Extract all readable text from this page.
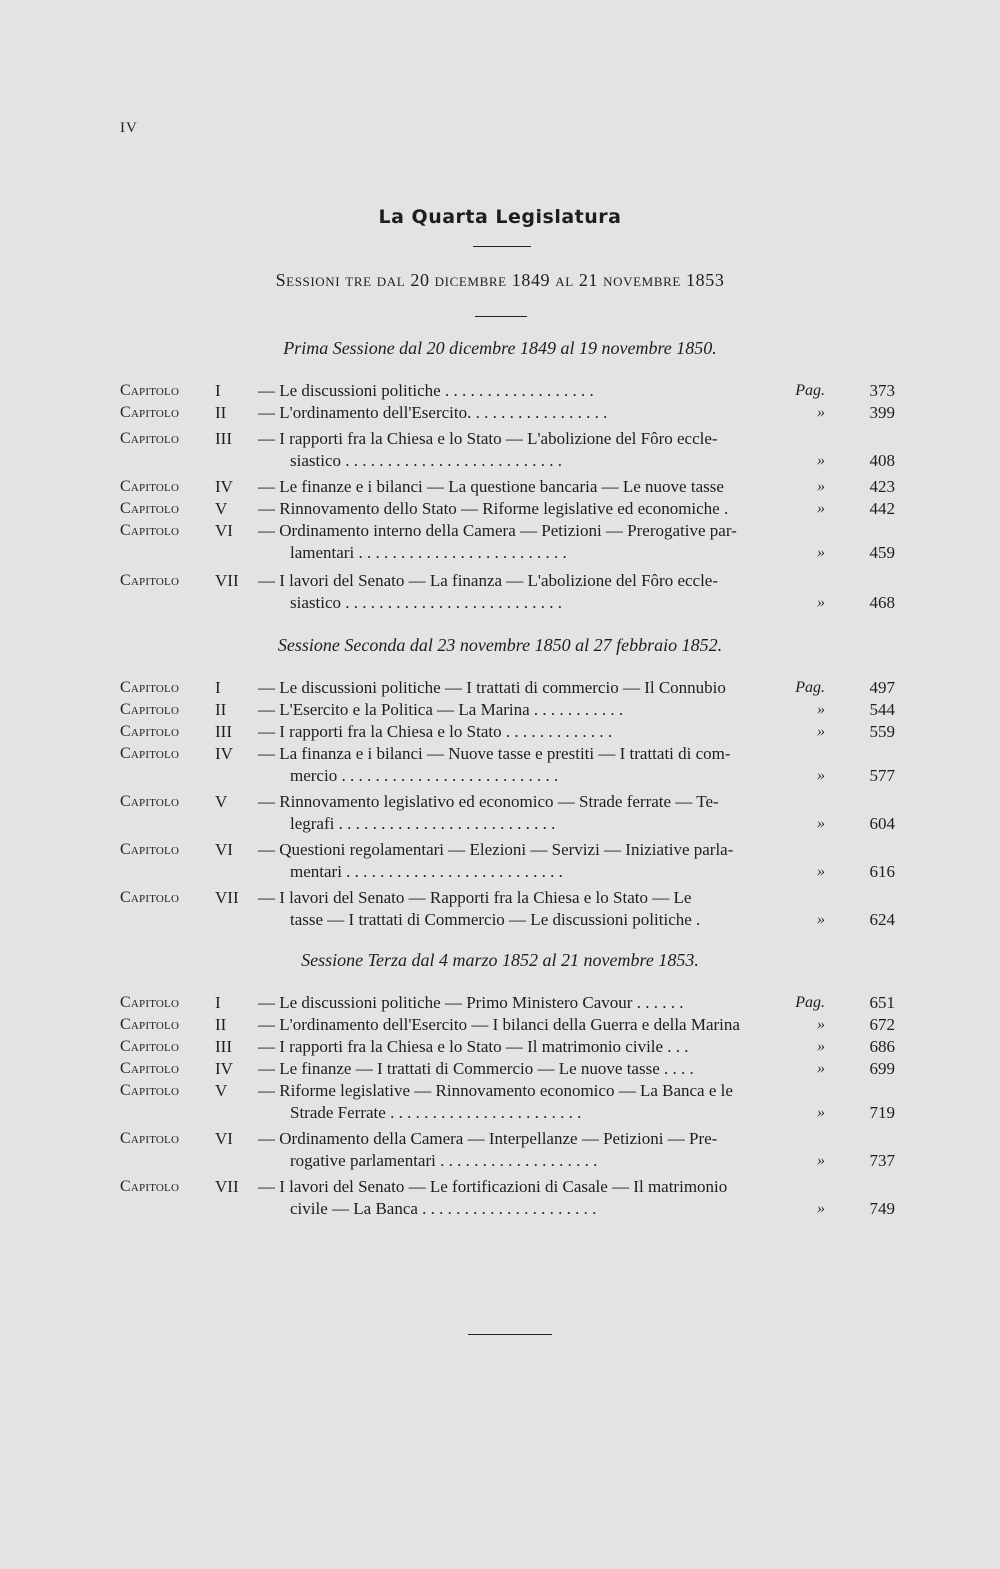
IV
La Quarta Legislatura
Sessioni tre dal 20 dicembre 1849 al 21 novembre 1853
Prima Sessione dal 20 dicembre 1849 al 19 novembre 1850.
Capitolo	I	— Le discussioni politiche . . . . . . . . . . . . . . . . . .	Pag.	373
Capitolo	II	— L'ordinamento dell'Esercito. . . . . . . . . . . . . . . . .	»	399
Capitolo	III	— I rapporti fra la Chiesa e lo Stato — L'abolizione del Fôro eccle-
siastico . . . . . . . . . . . . . . . . . . . . . . . . . .	»	408
Capitolo	IV	— Le finanze e i bilanci — La questione bancaria — Le nuove tasse	»	423
Capitolo	V	— Rinnovamento dello Stato — Riforme legislative ed economiche .	»	442
Capitolo	VI	— Ordinamento interno della Camera — Petizioni — Prerogative par-
lamentari . . . . . . . . . . . . . . . . . . . . . . . . .	»	459
Capitolo	VII	— I lavori del Senato — La finanza — L'abolizione del Fôro eccle-
siastico . . . . . . . . . . . . . . . . . . . . . . . . . .	»	468
Sessione Seconda dal 23 novembre 1850 al 27 febbraio 1852.
Capitolo	I	— Le discussioni politiche — I trattati di commercio — Il Connubio	Pag.	497
Capitolo	II	— L'Esercito e la Politica — La Marina . . . . . . . . . . .	»	544
Capitolo	III	— I rapporti fra la Chiesa e lo Stato . . . . . . . . . . . . .	»	559
Capitolo	IV	— La finanza e i bilanci — Nuove tasse e prestiti — I trattati di com-
mercio . . . . . . . . . . . . . . . . . . . . . . . . . .	»	577
Capitolo	V	— Rinnovamento legislativo ed economico — Strade ferrate — Te-
legrafi . . . . . . . . . . . . . . . . . . . . . . . . . .	»	604
Capitolo	VI	— Questioni regolamentari — Elezioni — Servizi — Iniziative parla-
mentari . . . . . . . . . . . . . . . . . . . . . . . . . .	»	616
Capitolo	VII	— I lavori del Senato — Rapporti fra la Chiesa e lo Stato — Le
tasse — I trattati di Commercio — Le discussioni politiche .	»	624
Sessione Terza dal 4 marzo 1852 al 21 novembre 1853.
Capitolo	I	— Le discussioni politiche — Primo Ministero Cavour . . . . . .	Pag.	651
Capitolo	II	— L'ordinamento dell'Esercito — I bilanci della Guerra e della Marina	»	672
Capitolo	III	— I rapporti fra la Chiesa e lo Stato — Il matrimonio civile . . .	»	686
Capitolo	IV	— Le finanze — I trattati di Commercio — Le nuove tasse . . . .	»	699
Capitolo	V	— Riforme legislative — Rinnovamento economico — La Banca e le
Strade Ferrate . . . . . . . . . . . . . . . . . . . . . . .	»	719
Capitolo	VI	— Ordinamento della Camera — Interpellanze — Petizioni — Pre-
rogative parlamentari . . . . . . . . . . . . . . . . . . .	»	737
Capitolo	VII	— I lavori del Senato — Le fortificazioni di Casale — Il matrimonio
civile — La Banca . . . . . . . . . . . . . . . . . . . . .	»	749
